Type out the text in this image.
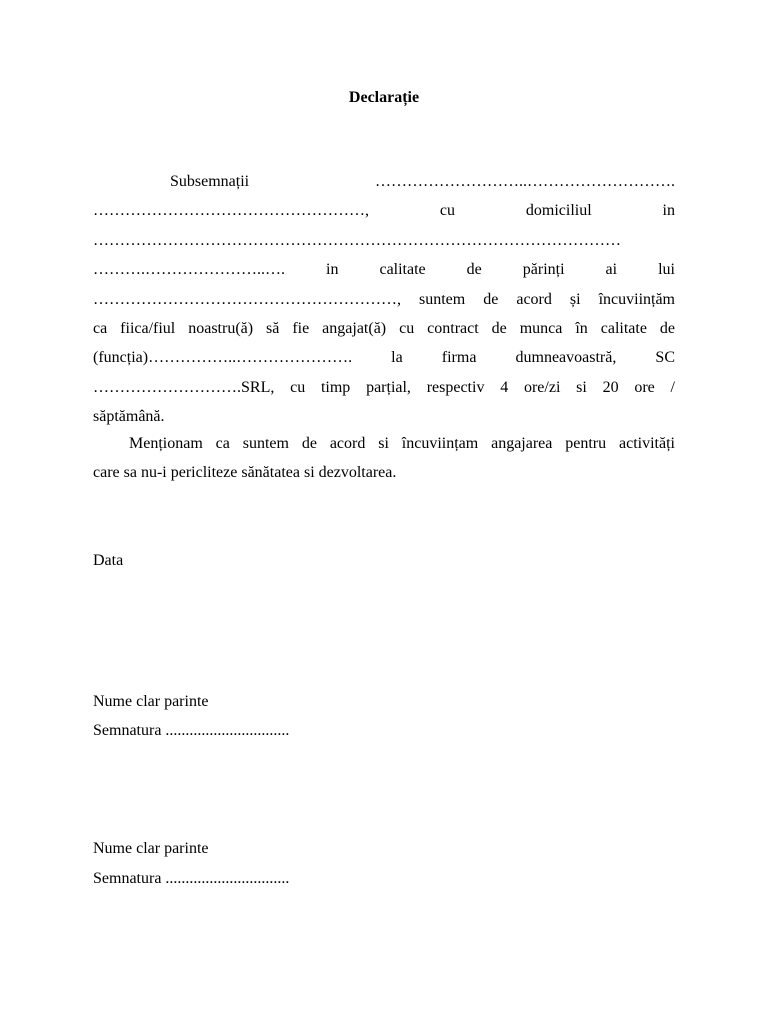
Declarație
Subsemnații ………………………..……………………….
……………………………………………, cu domiciliul in
………………………………………………………………………………………
……….…………………..…. in calitate de părinți ai lui
…………………………………………………, suntem de acord și încuviințăm
ca fiica/fiul noastru(ă) să fie angajat(ă) cu contract de munca în calitate de
(funcția)……………..…………………. la firma dumneavoastră, SC
……………………….SRL, cu timp parțial, respectiv 4 ore/zi si 20 ore /
săptămână.
Menționam ca suntem de acord si încuviințam angajarea pentru activități
care sa nu-i pericliteze sănătatea si dezvoltarea.
Data
Nume clar parinte
Semnatura ...............................
Nume clar parinte
Semnatura ...............................
